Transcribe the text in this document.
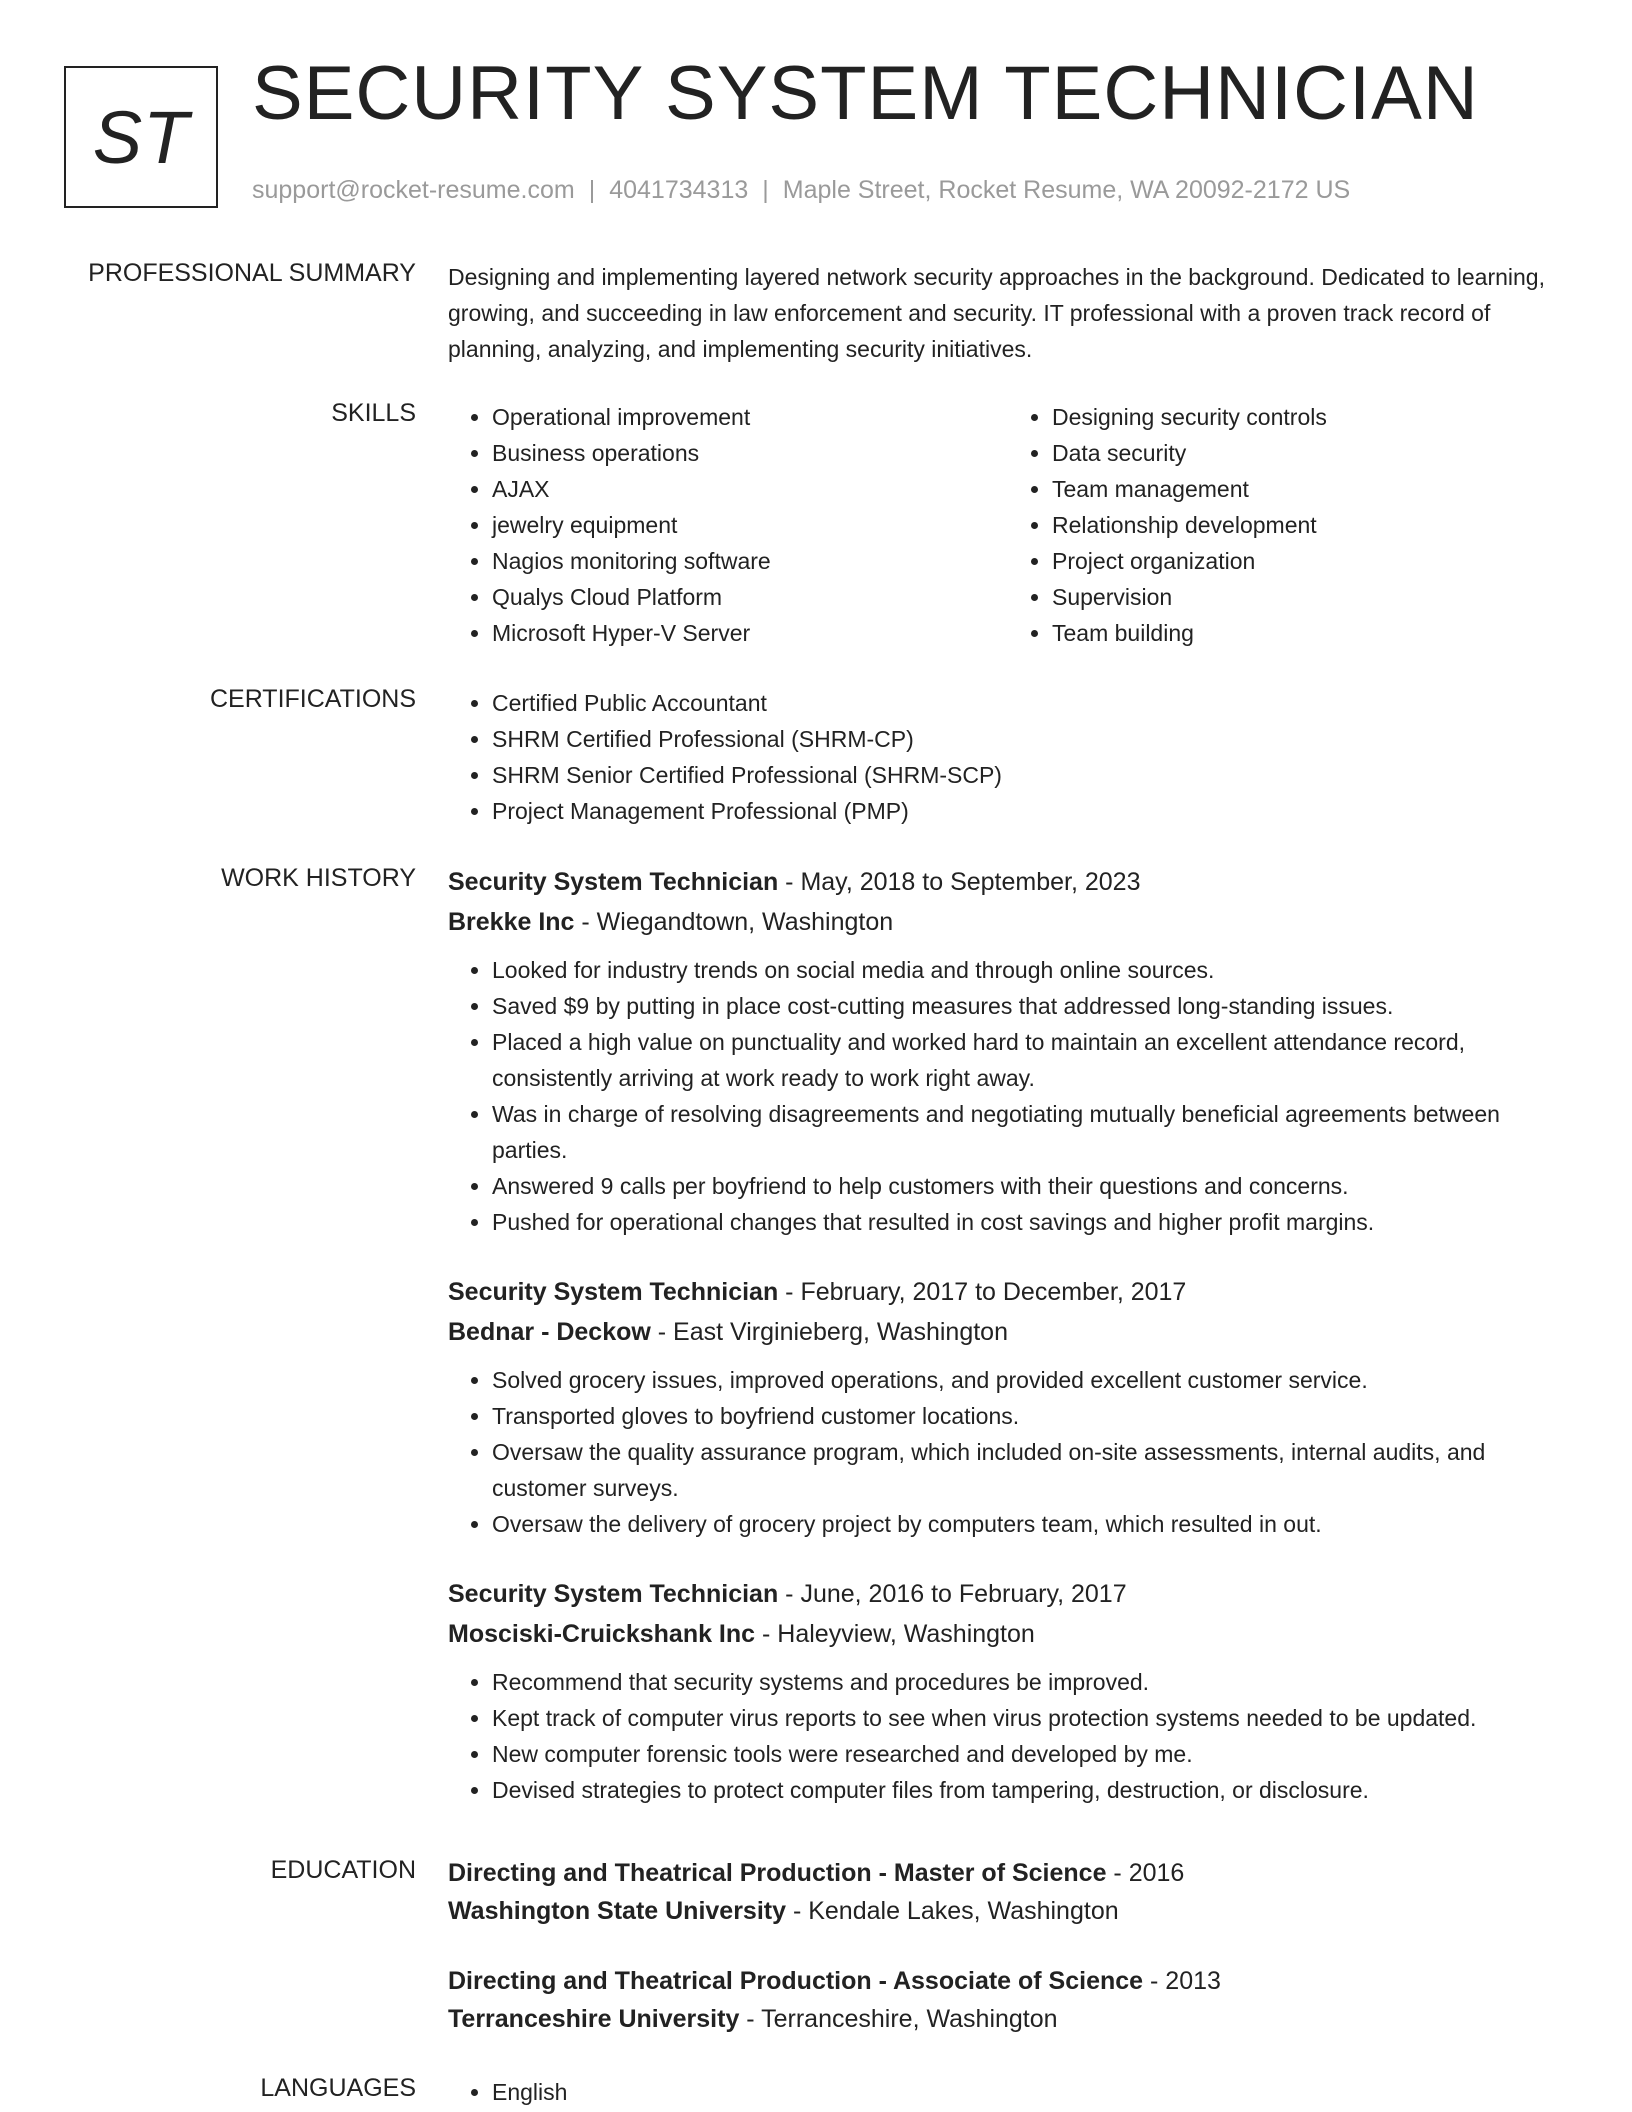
ST
SECURITY SYSTEM TECHNICIAN
support@rocket-resume.com | 4041734313 | Maple Street, Rocket Resume, WA 20092-2172 US
PROFESSIONAL SUMMARY Designing and implementing layered network security approaches in the background. Dedicated to learning, growing, and succeeding in law enforcement and security. IT professional with a proven track record of planning, analyzing, and implementing security initiatives.
SKILLS	• Operational improvement
• Business operations
• AJAX
• jewelry equipment
• Nagios monitoring software
• Qualys Cloud Platform
• Microsoft Hyper-V Server
• Designing security controls
• Data security
• Team management
• Relationship development
• Project organization
• Supervision
• Team building
CERTIFICATIONS	• Certified Public Accountant
• SHRM Certified Professional (SHRM-CP)
• SHRM Senior Certified Professional (SHRM-SCP)
• Project Management Professional (PMP)
WORK HISTORY Security System Technician - May, 2018 to September, 2023
Brekke Inc - Wiegandtown, Washington
• Looked for industry trends on social media and through online sources.
• Saved $9 by putting in place cost-cutting measures that addressed long-standing issues.
• Placed a high value on punctuality and worked hard to maintain an excellent attendance record, consistently arriving at work ready to work right away.
• Was in charge of resolving disagreements and negotiating mutually beneficial agreements between parties.
• Answered 9 calls per boyfriend to help customers with their questions and concerns.
• Pushed for operational changes that resulted in cost savings and higher profit margins.
Security System Technician - February, 2017 to December, 2017
Bednar - Deckow - East Virginieberg, Washington
• Solved grocery issues, improved operations, and provided excellent customer service.
• Transported gloves to boyfriend customer locations.
• Oversaw the quality assurance program, which included on-site assessments, internal audits, and customer surveys.
• Oversaw the delivery of grocery project by computers team, which resulted in out.
Security System Technician - June, 2016 to February, 2017
Mosciski-Cruickshank Inc - Haleyview, Washington
• Recommend that security systems and procedures be improved.
• Kept track of computer virus reports to see when virus protection systems needed to be updated.
• New computer forensic tools were researched and developed by me.
• Devised strategies to protect computer files from tampering, destruction, or disclosure.
EDUCATION Directing and Theatrical Production - Master of Science - 2016
Washington State University - Kendale Lakes, Washington
Directing and Theatrical Production - Associate of Science - 2013
Terranceshire University - Terranceshire, Washington
LANGUAGES	• English
